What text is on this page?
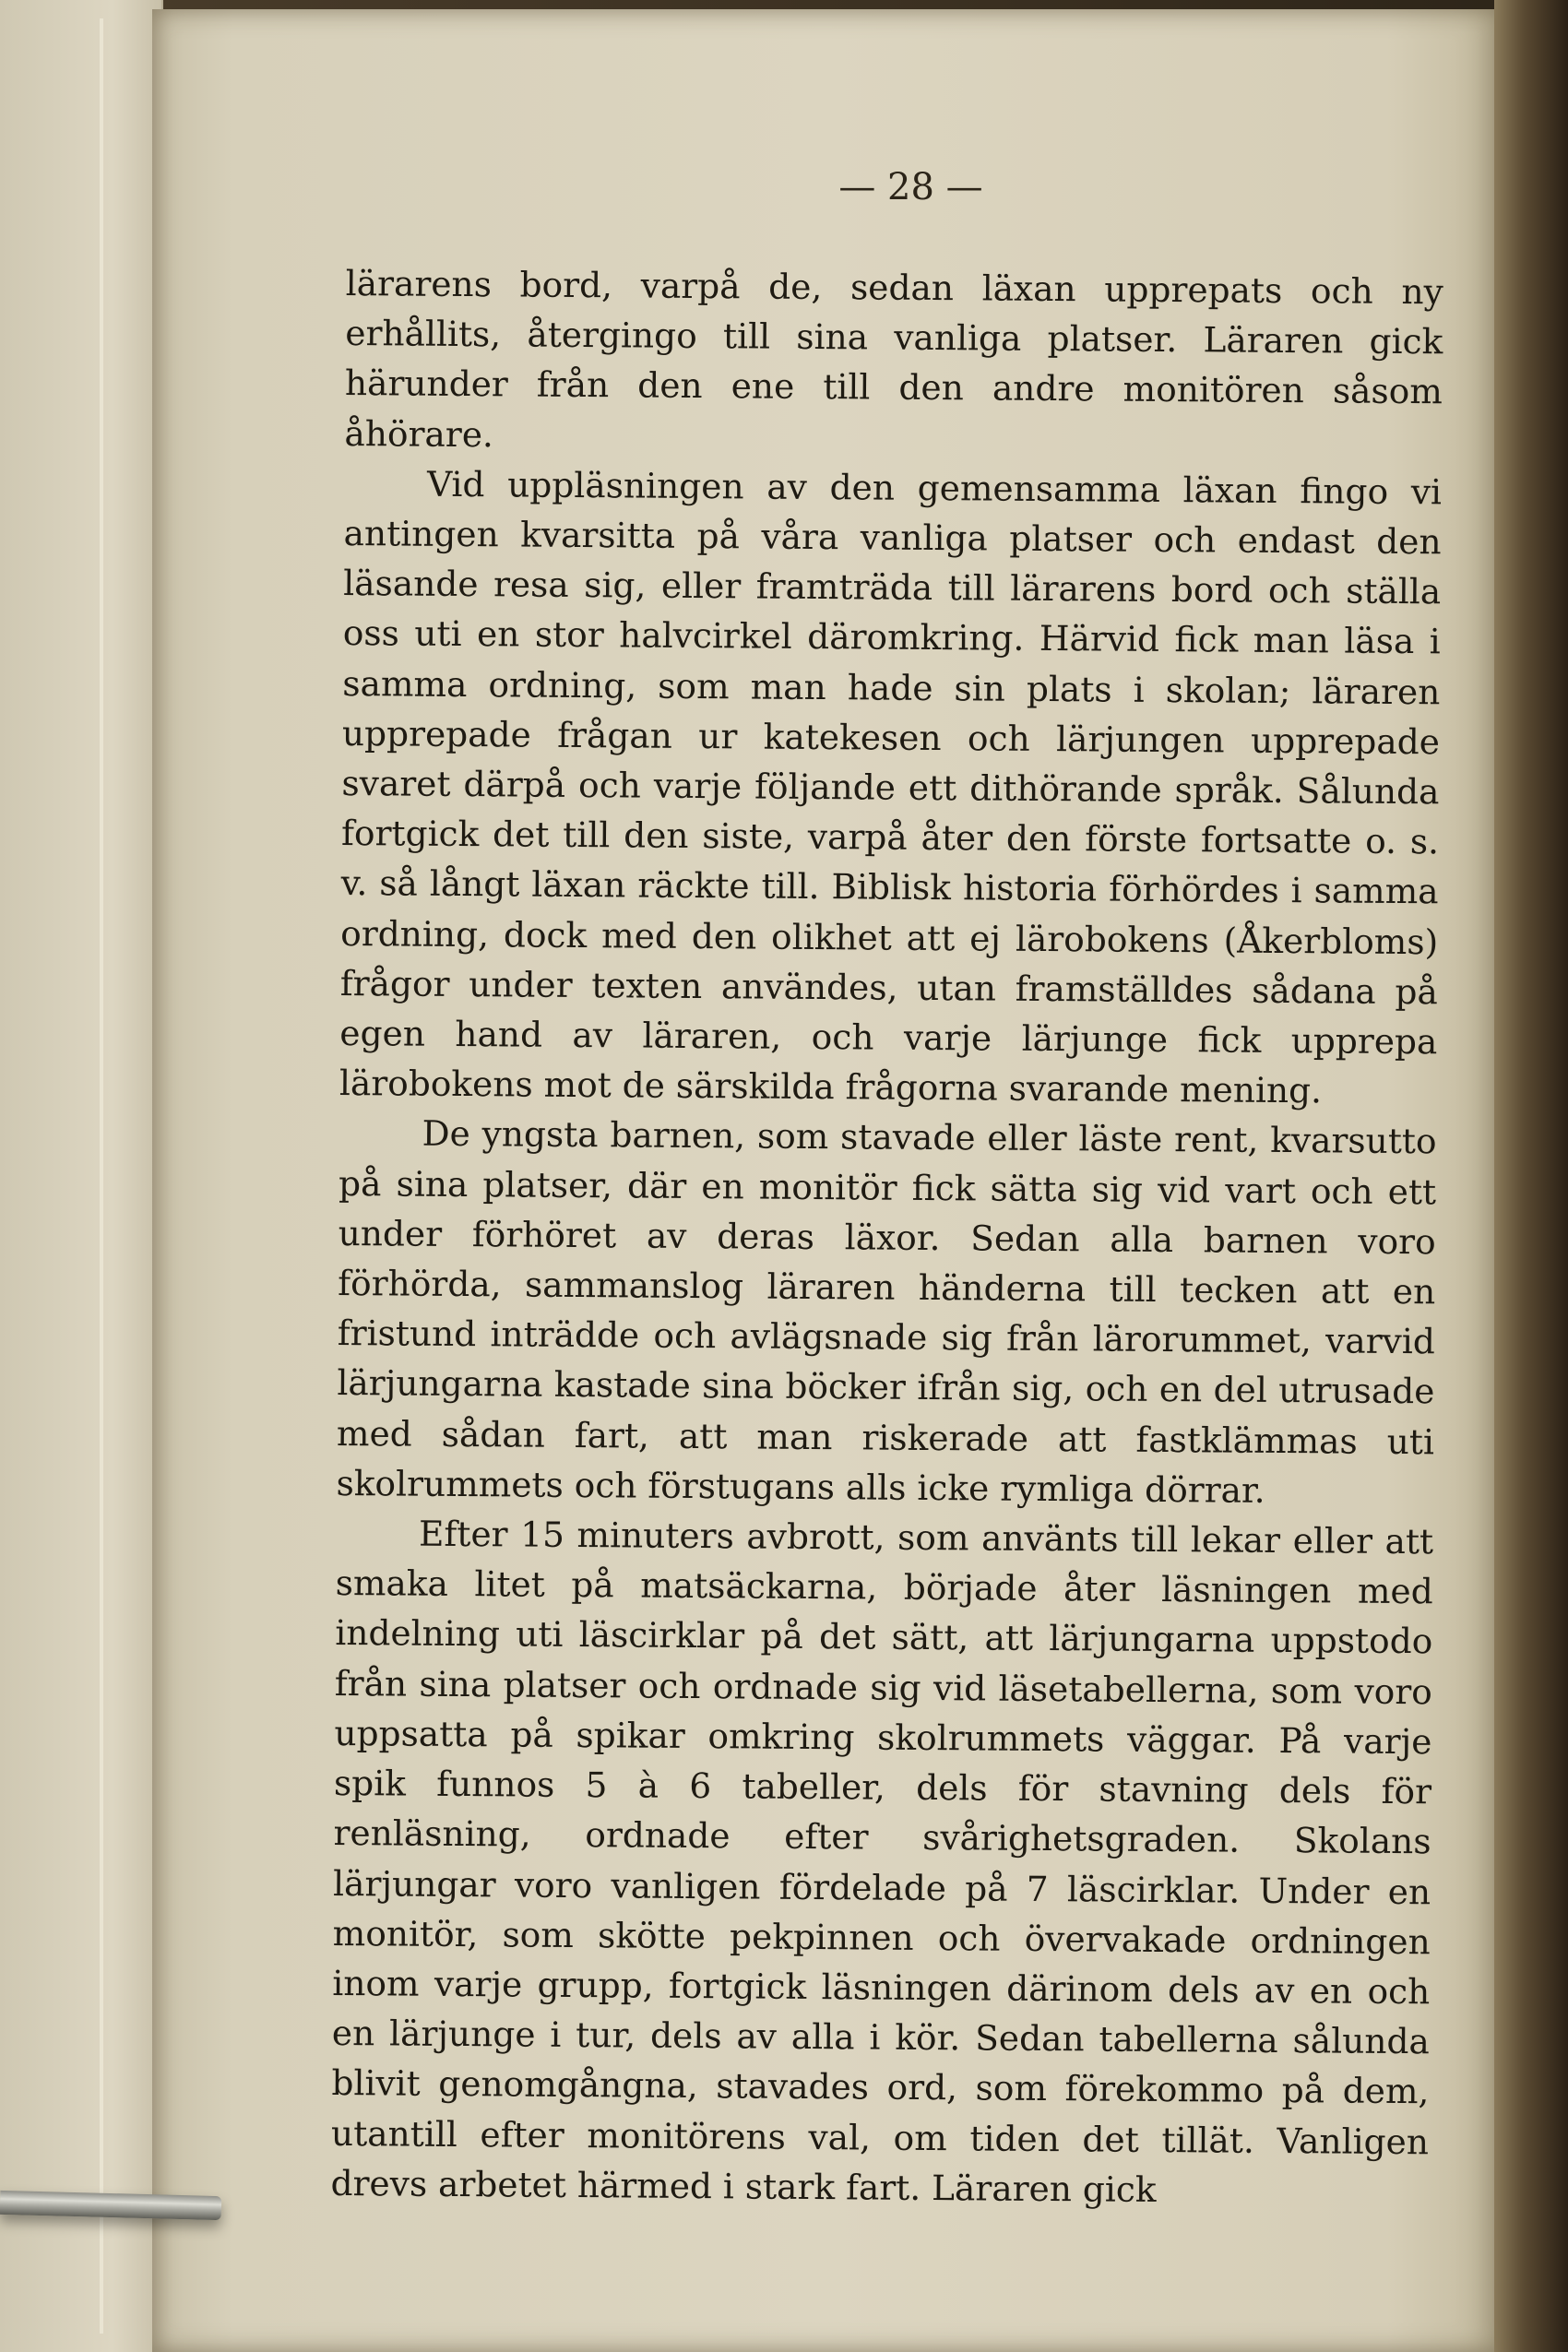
— 28 —

lärarens bord, varpå de, sedan läxan upprepats och ny erhållits, återgingo till sina vanliga platser. Läraren gick härunder från den ene till den andre monitören såsom åhörare.

Vid uppläsningen av den gemensamma läxan fingo vi antingen kvarsitta på våra vanliga platser och endast den läsande resa sig, eller framträda till lärarens bord och ställa oss uti en stor halvcirkel däromkring. Härvid fick man läsa i samma ordning, som man hade sin plats i skolan; läraren upprepade frågan ur katekesen och lärjungen upprepade svaret därpå och varje följande ett dithörande språk. Sålunda fortgick det till den siste, varpå åter den förste fortsatte o. s. v. så långt läxan räckte till. Biblisk historia förhördes i samma ordning, dock med den olikhet att ej lärobokens (Åkerbloms) frågor under texten användes, utan framställdes sådana på egen hand av läraren, och varje lärjunge fick upprepa lärobokens mot de särskilda frågorna svarande mening.

De yngsta barnen, som stavade eller läste rent, kvarsutto på sina platser, där en monitör fick sätta sig vid vart och ett under förhöret av deras läxor. Sedan alla barnen voro förhörda, sammanslog läraren händerna till tecken att en fristund inträdde och avlägsnade sig från lärorummet, varvid lärjungarna kastade sina böcker ifrån sig, och en del utrusade med sådan fart, att man riskerade att fastklämmas uti skolrummets och förstugans alls icke rymliga dörrar.

Efter 15 minuters avbrott, som använts till lekar eller att smaka litet på matsäckarna, började åter läsningen med indelning uti läscirklar på det sätt, att lärjungarna uppstodo från sina platser och ordnade sig vid läsetabellerna, som voro uppsatta på spikar omkring skolrummets väggar. På varje spik funnos 5 à 6 tabeller, dels för stavning dels för renläsning, ordnade efter svårighetsgraden. Skolans lärjungar voro vanligen fördelade på 7 läscirklar. Under en monitör, som skötte pekpinnen och övervakade ordningen inom varje grupp, fortgick läsningen därinom dels av en och en lärjunge i tur, dels av alla i kör. Sedan tabellerna sålunda blivit genomgångna, stavades ord, som förekommo på dem, utantill efter monitörens val, om tiden det tillät. Vanligen drevs arbetet härmed i stark fart. Läraren gick
